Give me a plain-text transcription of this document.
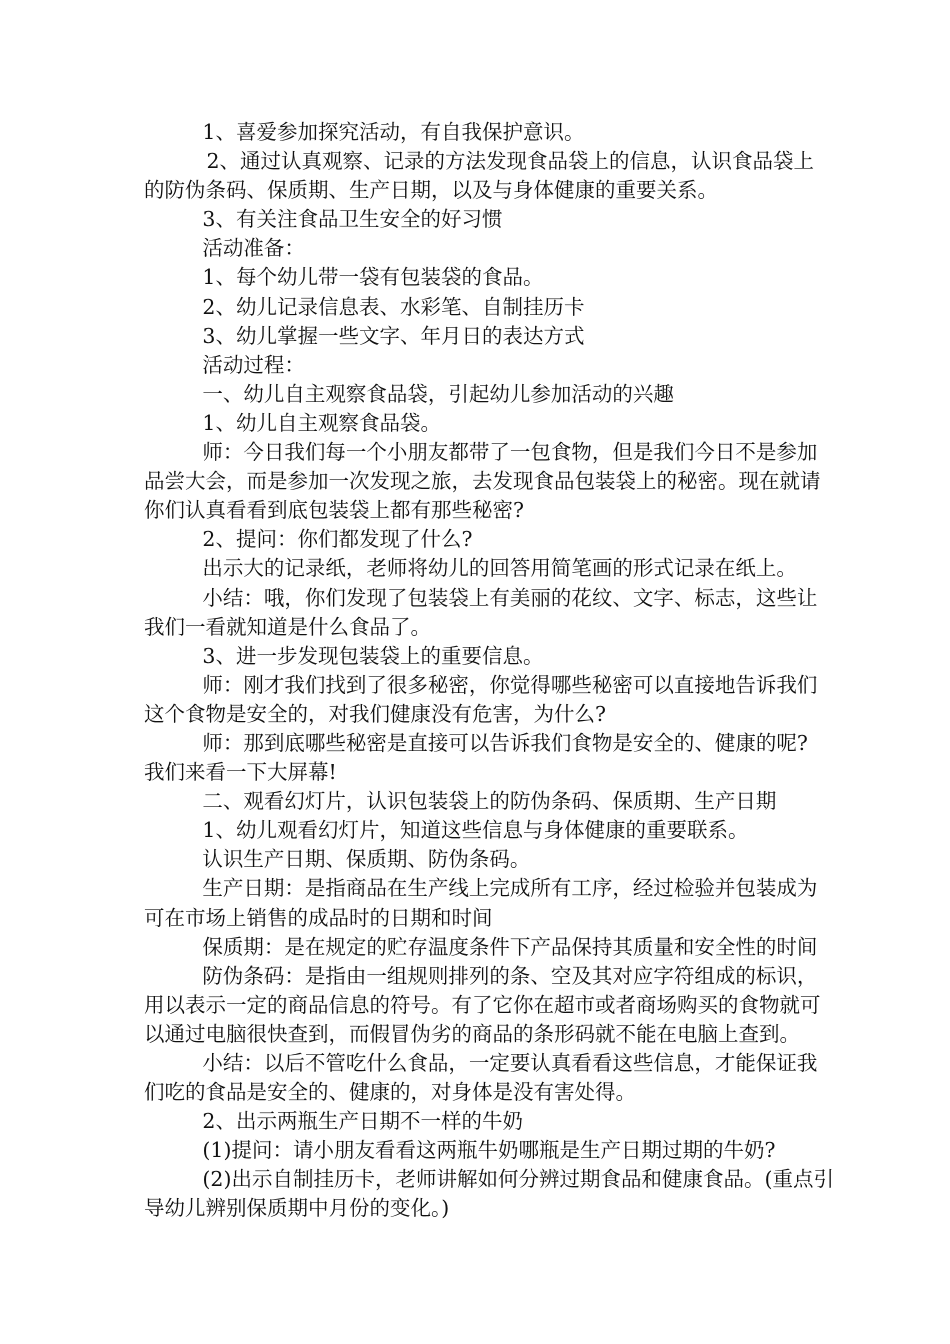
1、喜爱参加探究活动，有自我保护意识。

2、通过认真观察、记录的方法发现食品袋上的信息，认识食品袋上的防伪条码、保质期、生产日期，以及与身体健康的重要关系。

3、有关注食品卫生安全的好习惯

活动准备：

1、每个幼儿带一袋有包装袋的食品。

2、幼儿记录信息表、水彩笔、自制挂历卡

3、幼儿掌握一些文字、年月日的表达方式

活动过程：

一、幼儿自主观察食品袋，引起幼儿参加活动的兴趣

1、幼儿自主观察食品袋。

师：今日我们每一个小朋友都带了一包食物，但是我们今日不是参加品尝大会，而是参加一次发现之旅，去发现食品包装袋上的秘密。现在就请你们认真看看到底包装袋上都有那些秘密?

2、提问：你们都发现了什么?

出示大的记录纸，老师将幼儿的回答用简笔画的形式记录在纸上。

小结：哦，你们发现了包装袋上有美丽的花纹、文字、标志，这些让我们一看就知道是什么食品了。

3、进一步发现包装袋上的重要信息。

师：刚才我们找到了很多秘密，你觉得哪些秘密可以直接地告诉我们这个食物是安全的，对我们健康没有危害，为什么?

师：那到底哪些秘密是直接可以告诉我们食物是安全的、健康的呢?我们来看一下大屏幕!

二、观看幻灯片，认识包装袋上的防伪条码、保质期、生产日期

1、幼儿观看幻灯片，知道这些信息与身体健康的重要联系。

认识生产日期、保质期、防伪条码。

生产日期：是指商品在生产线上完成所有工序，经过检验并包装成为可在市场上销售的成品时的日期和时间

保质期：是在规定的贮存温度条件下产品保持其质量和安全性的时间

防伪条码：是指由一组规则排列的条、空及其对应字符组成的标识，用以表示一定的商品信息的符号。有了它你在超市或者商场购买的食物就可以通过电脑很快查到，而假冒伪劣的商品的条形码就不能在电脑上查到。

小结：以后不管吃什么食品，一定要认真看看这些信息，才能保证我们吃的食品是安全的、健康的，对身体是没有害处得。

2、出示两瓶生产日期不一样的牛奶

(1)提问：请小朋友看看这两瓶牛奶哪瓶是生产日期过期的牛奶?

(2)出示自制挂历卡，老师讲解如何分辨过期食品和健康食品。(重点引导幼儿辨别保质期中月份的变化。)
